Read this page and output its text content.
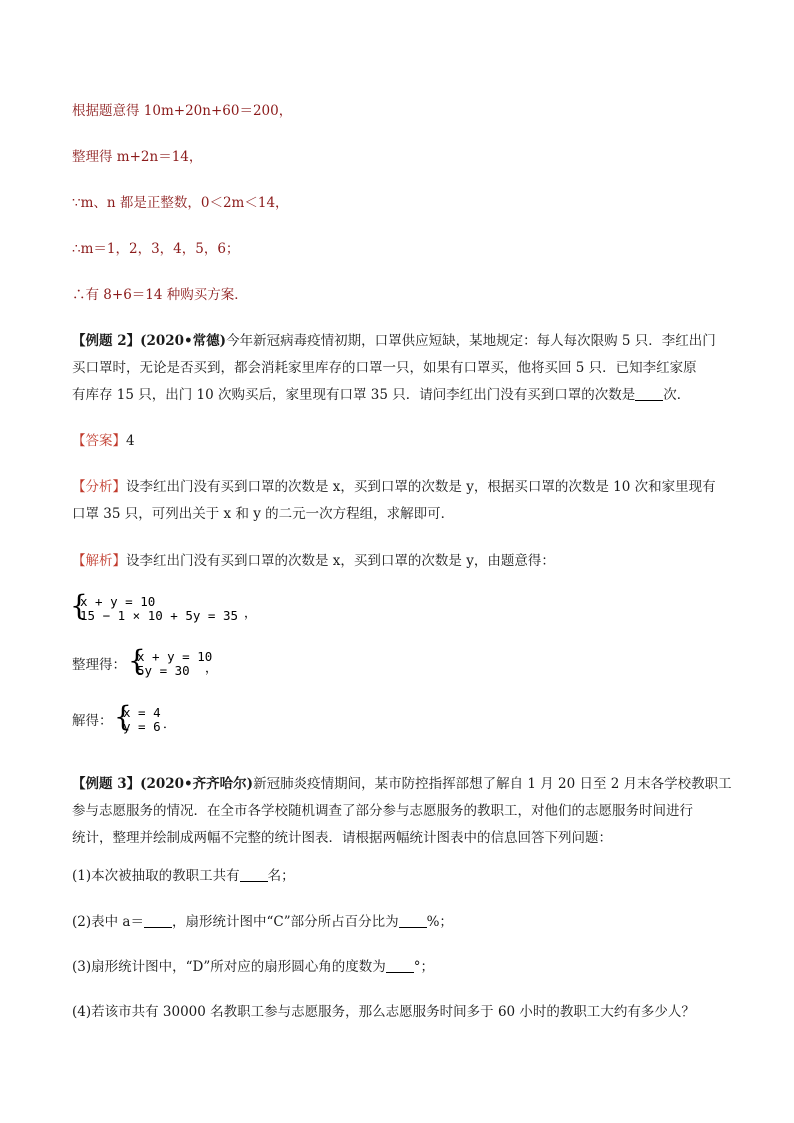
根据题意得 10m+20n+60＝200，
整理得 m+2n＝14，
∵m、n 都是正整数，0＜2m＜14，
∴m＝1，2，3，4，5，6；
∴有 8+6＝14 种购买方案．
【例题 2】(2020•常德)今年新冠病毒疫情初期，口罩供应短缺，某地规定：每人每次限购 5 只．李红出门
买口罩时，无论是否买到，都会消耗家里库存的口罩一只，如果有口罩买，他将买回 5 只．已知李红家原
有库存 15 只，出门 10 次购买后，家里现有口罩 35 只．请问李红出门没有买到口罩的次数是 次．
【答案】4
【分析】设李红出门没有买到口罩的次数是 x，买到口罩的次数是 y，根据买口罩的次数是 10 次和家里现有
口罩 35 只，可列出关于 x 和 y 的二元一次方程组，求解即可．
【解析】设李红出门没有买到口罩的次数是 x，买到口罩的次数是 y，由题意得：
{
x + y = 10
15 − 1 × 10 + 5y = 35 ，
整理得： {
x + y = 10
5y = 30 ，
解得： {
x = 4
y = 6 ．
【例题 3】(2020•齐齐哈尔)新冠肺炎疫情期间，某市防控指挥部想了解自 1 月 20 日至 2 月末各学校教职工
参与志愿服务的情况．在全市各学校随机调查了部分参与志愿服务的教职工，对他们的志愿服务时间进行
统计，整理并绘制成两幅不完整的统计图表．请根据两幅统计图表中的信息回答下列问题：
(1)本次被抽取的教职工共有 名；
(2)表中 a＝ ，扇形统计图中“C”部分所占百分比为 %；
(3)扇形统计图中，“D”所对应的扇形圆心角的度数为 °；
(4)若该市共有 30000 名教职工参与志愿服务，那么志愿服务时间多于 60 小时的教职工大约有多少人？
